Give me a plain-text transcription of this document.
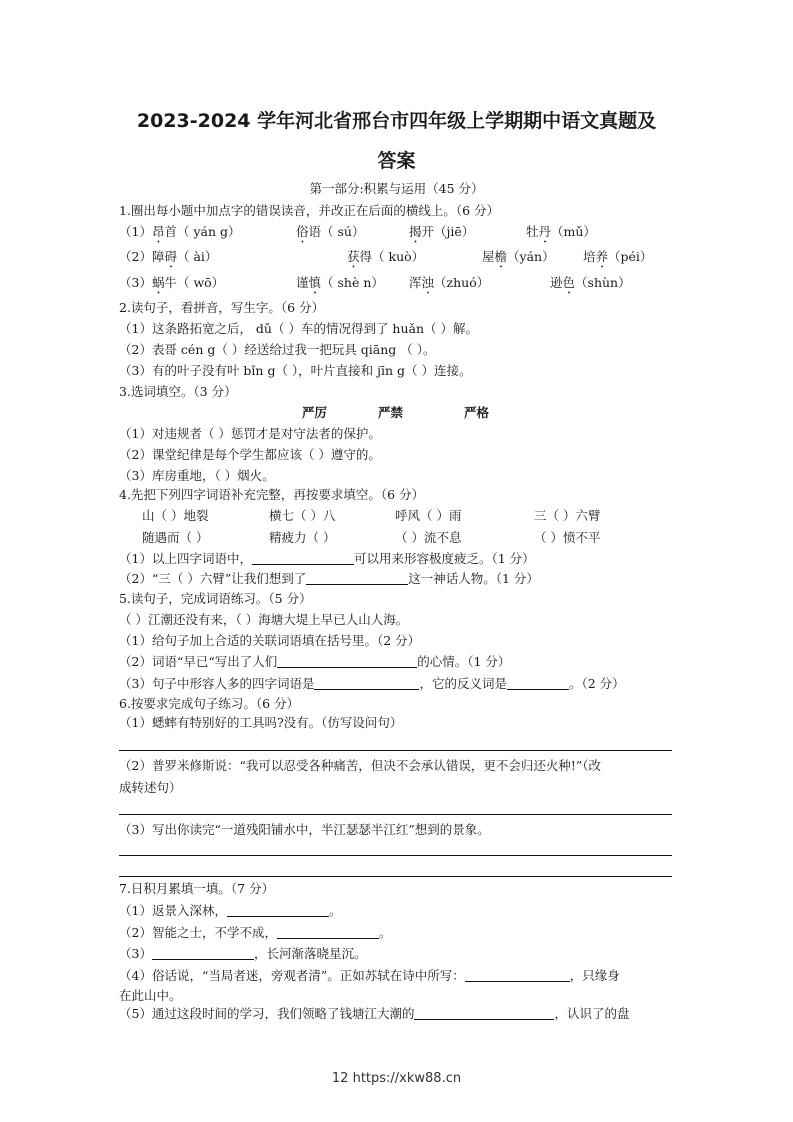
2023-2024 学年河北省邢台市四年级上学期期中语文真题及
答案
第一部分:积累与运用（45 分）
1.圈出每小题中加点字的错误读音，并改正在后面的横线上。（6 分）
（1）昂首（ yán g）	俗语（ sú）	揭开（jiē）	牡丹（mǔ）
（2）障碍（ ài）	获得（ kuò）	屋檐（yán） 培养（péi）
（3）蜗牛（ wō）	谨慎（ shè n） 浑浊（zhuó）	逊色（shùn）
2.读句子，看拼音，写生字。（6 分）
（1）这条路拓宽之后， dǔ（ ）车的情况得到了 huǎn（ ）解。
（2）表哥 cén g（ ）经送给过我一把玩具 qiāng （ ）。
（3）有的叶子没有叶 bǐn g（ ），叶片直接和 jīn g（ ）连接。
3.选词填空。（3 分）
严厉	严禁	严格
（1）对违规者（ ）惩罚才是对守法者的保护。
（2）课堂纪律是每个学生都应该（ ）遵守的。
（3）库房重地，（ ）烟火。
4.先把下列四字词语补充完整，再按要求填空。（6 分）
山（ ）地裂	横七（ ）八	呼风（ ）雨	三（ ）六臂
随遇而（ ）	精疲力（ ）	（ ）流不息	（ ）愤不平
（1）以上四字词语中，	可以用来形容极度疲乏。（1 分）
（2）“三（ ）六臂”让我们想到了	这一神话人物。（1 分）
5.读句子，完成词语练习。（5 分）
（ ）江潮还没有来，（ ）海塘大堤上早已人山人海。
（1）给句子加上合适的关联词语填在括号里。（2 分）
（2）词语“早已“写出了人们	的心情。（1 分）
（3）句子中形容人多的四字词语是	，它的反义词是	。（2 分）
6.按要求完成句子练习。（6 分）
（1）蟋蟀有特别好的工具吗?没有。（仿写设问句）
（2）普罗米修斯说：“我可以忍受各种痛苦，但决不会承认错误，更不会归还火种!”（改
成转述句）
（3）写出你读完“一道残阳铺水中，半江瑟瑟半江红”想到的景象。
7.日积月累填一填。（7 分）
（1）返景入深林，	。
（2）智能之士，不学不成，	。
（3）	，长河渐落晓星沉。
（4）俗话说，“当局者迷，旁观者清”。正如苏轼在诗中所写：	，只缘身
在此山中。
（5）通过这段时间的学习，我们领略了钱塘江大潮的	，认识了的盘
12 https://xkw88.cn
